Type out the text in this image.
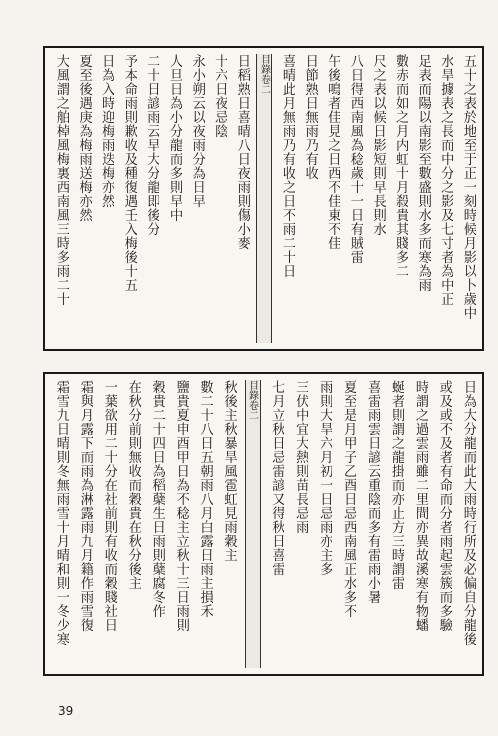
五十之表於地至于正一刻時候月影以卜歲中
水旱據表之長而中分之影及七寸者為中正
足表而陽以南影至數盛則水多而寒為雨
數赤而如之月内虹十月殺貴其賤多二
尺之表以候日影短則早長則水
八日得西南風為稔歲十一日有賊雷
午後鳴者佳見之日西不佳東不佳
日節熟日無雨乃有收
喜晴此月無雨乃有收之日不雨二十日
目錄卷二
日稻熟日喜晴八日夜雨則傷小麥
十六日夜忌陰
永小朔云以夜雨分為日早
人旦日為小分龍而多則早中
二十日諺雨云早大分龍即後分
予本命雨則歉收及種復遇壬入梅後十五
日為入時迎梅雨迭梅亦然
夏至後遇庚為梅雨送梅亦然
大風謂之舶棹風梅裏西南風三時多雨二十
日為大分龍而此大雨時行所及必偏自分龍後
或及或不及者有命而分者雨起雲簇而多驗
時謂之過雲雨雖二里間亦異故溪寒有物蟠
蜒者則謂之龍掛而亦止方三時謂雷
喜雷雨雲日諺云重陰而多有雷雨小暑
夏至是月甲子乙酉日忌西南風正水多不
雨則大旱六月初一日忌雨亦主多
三伏中宜大熱則苗長忌雨
七月立秋日忌雷諺又得秋日喜雷
目錄卷二
秋後主秋暴旱風雹虹見雨穀主
數二十八日五朝雨八月白露日雨主損禾
鹽貴夏申酉甲日為不稔主立秋十三日雨則
穀貴二十四日為稻蘖生日雨則蘖腐冬作
在秋分前則無收而穀貴在秋分後主
一葉欲用二十分在社前則有收而穀賤社日
霜與月露下而雨為淋露雨九月籍作雨雪復
霜雪九日晴則冬無雨雪十月晴和則一冬少寒
39
